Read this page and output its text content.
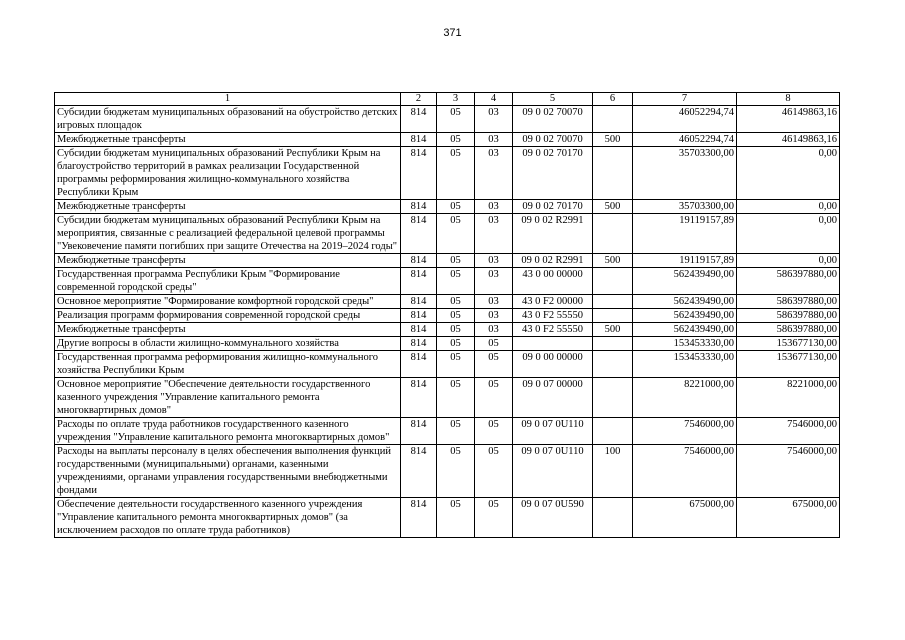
371
1	2	3	4	5	6	7	8
Субсидии бюджетам муниципальных образований на обустройство детских игровых площадок	814	05	03	09 0 02 70070		46052294,74	46149863,16
Межбюджетные трансферты	814	05	03	09 0 02 70070	500	46052294,74	46149863,16
Субсидии бюджетам муниципальных образований Республики Крым на благоустройство территорий в рамках реализации Государственной программы реформирования жилищно-коммунального хозяйства Республики Крым	814	05	03	09 0 02 70170		35703300,00	0,00
Межбюджетные трансферты	814	05	03	09 0 02 70170	500	35703300,00	0,00
Субсидии бюджетам муниципальных образований Республики Крым на мероприятия, связанные с реализацией федеральной целевой программы "Увековечение памяти погибших при защите Отечества на 2019–2024 годы"	814	05	03	09 0 02 R2991		19119157,89	0,00
Межбюджетные трансферты	814	05	03	09 0 02 R2991	500	19119157,89	0,00
Государственная программа Республики Крым "Формирование современной городской среды"	814	05	03	43 0 00 00000		562439490,00	586397880,00
Основное мероприятие "Формирование комфортной городской среды"	814	05	03	43 0 F2 00000		562439490,00	586397880,00
Реализация программ формирования современной городской среды	814	05	03	43 0 F2 55550		562439490,00	586397880,00
Межбюджетные трансферты	814	05	03	43 0 F2 55550	500	562439490,00	586397880,00
Другие вопросы в области жилищно-коммунального хозяйства	814	05	05			153453330,00	153677130,00
Государственная программа реформирования жилищно-коммунального хозяйства Республики Крым	814	05	05	09 0 00 00000		153453330,00	153677130,00
Основное мероприятие "Обеспечение деятельности государственного казенного учреждения "Управление капитального ремонта многоквартирных домов"	814	05	05	09 0 07 00000		8221000,00	8221000,00
Расходы по оплате труда работников государственного казенного учреждения "Управление капитального ремонта многоквартирных домов"	814	05	05	09 0 07 0U110		7546000,00	7546000,00
Расходы на выплаты персоналу в целях обеспечения выполнения функций государственными (муниципальными) органами, казенными учреждениями, органами управления государственными внебюджетными фондами	814	05	05	09 0 07 0U110	100	7546000,00	7546000,00
Обеспечение деятельности государственного казенного учреждения "Управление капитального ремонта многоквартирных домов" (за исключением расходов по оплате труда работников)	814	05	05	09 0 07 0U590		675000,00	675000,00
